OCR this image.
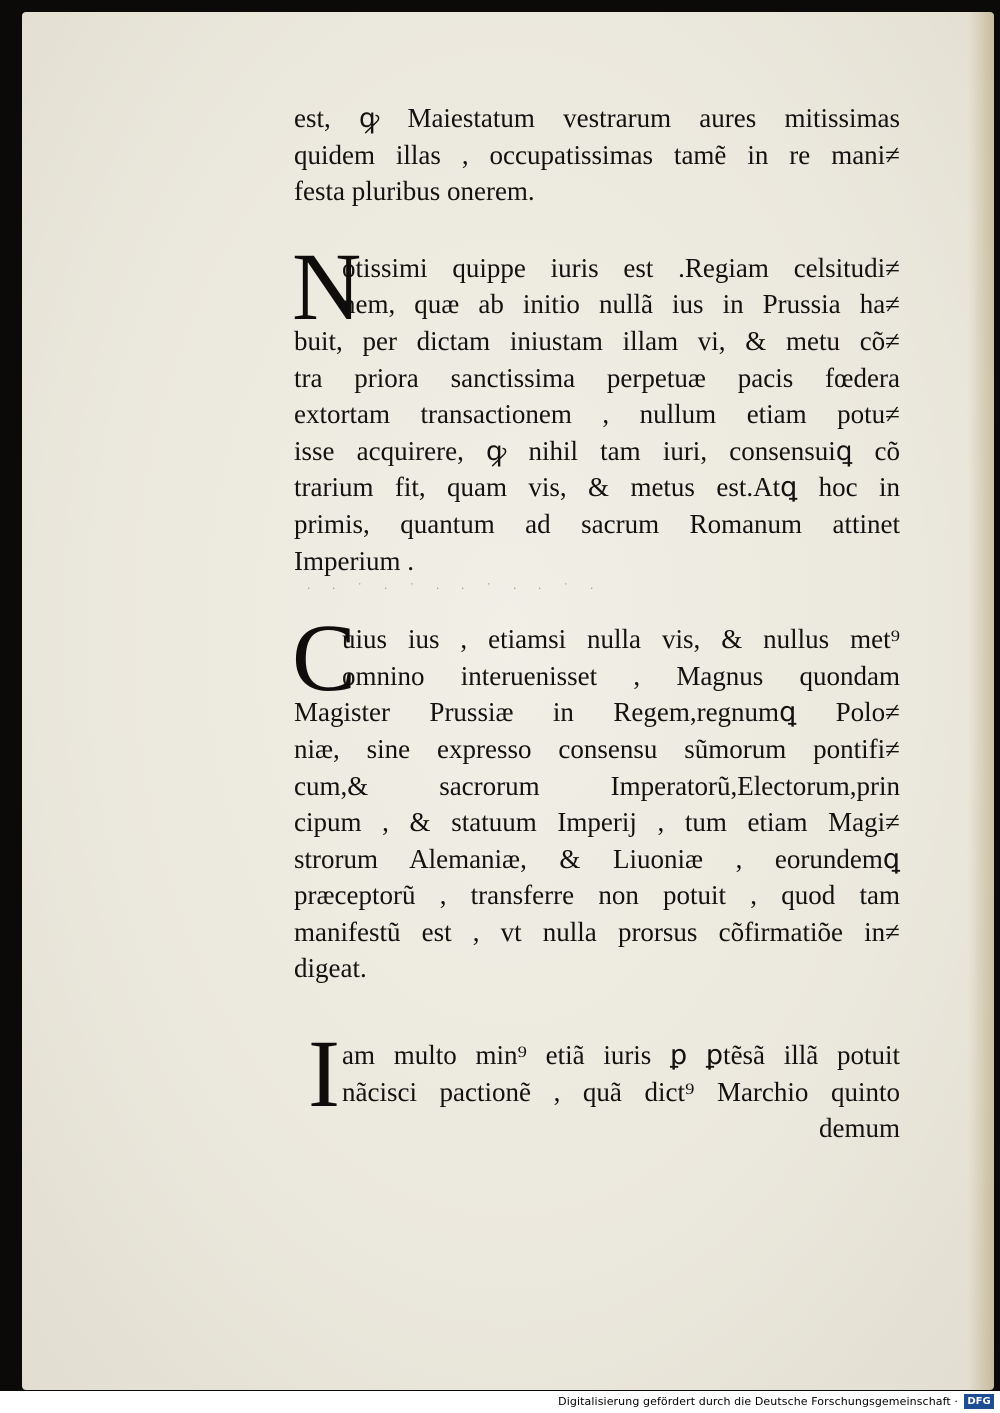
· · ˙ · ˙ · · ˙ · · ˙ ·
est, ꝙ Maiestatum vestrarum aures mitissimas
quidem illas , occupatissimas tamẽ in re mani≠
festa pluribus onerem.
N
otissimi quippe iuris est .Regiam celsitudi≠
nem, quæ ab initio nullã ius in Prussia ha≠
buit, per dictam iniustam illam vi, & metu cõ≠
tra priora sanctissima perpetuæ pacis fœdera
extortam transactionem , nullum etiam potu≠
isse acquirere, ꝙ nihil tam iuri, consensuiꝗ cõ
trarium fit, quam vis, & metus est.Atꝗ hoc in
primis, quantum ad sacrum Romanum attinet
Imperium .
C
uius ius , etiamsi nulla vis, & nullus met⁹
omnino interuenisset , Magnus quondam
Magister Prussiæ in Regem,regnumꝗ Polo≠
niæ, sine expresso consensu sũmorum pontifi≠
cum,& sacrorum Imperatorũ,Electorum,prin
cipum , & statuum Imperij , tum etiam Magi≠
strorum Alemaniæ, & Liuoniæ , eorundemꝗ
præceptorũ , transferre non potuit , quod tam
manifestũ est , vt nulla prorsus cõfirmatiõe in≠
digeat.
I am multo min⁹ etiã iuris ꝑ ꝑtẽsã illã potuit
nãcisci pactionẽ , quã dict⁹ Marchio quinto
demum
Digitalisierung gefördert durch die Deutsche Forschungsgemeinschaft · DFG
